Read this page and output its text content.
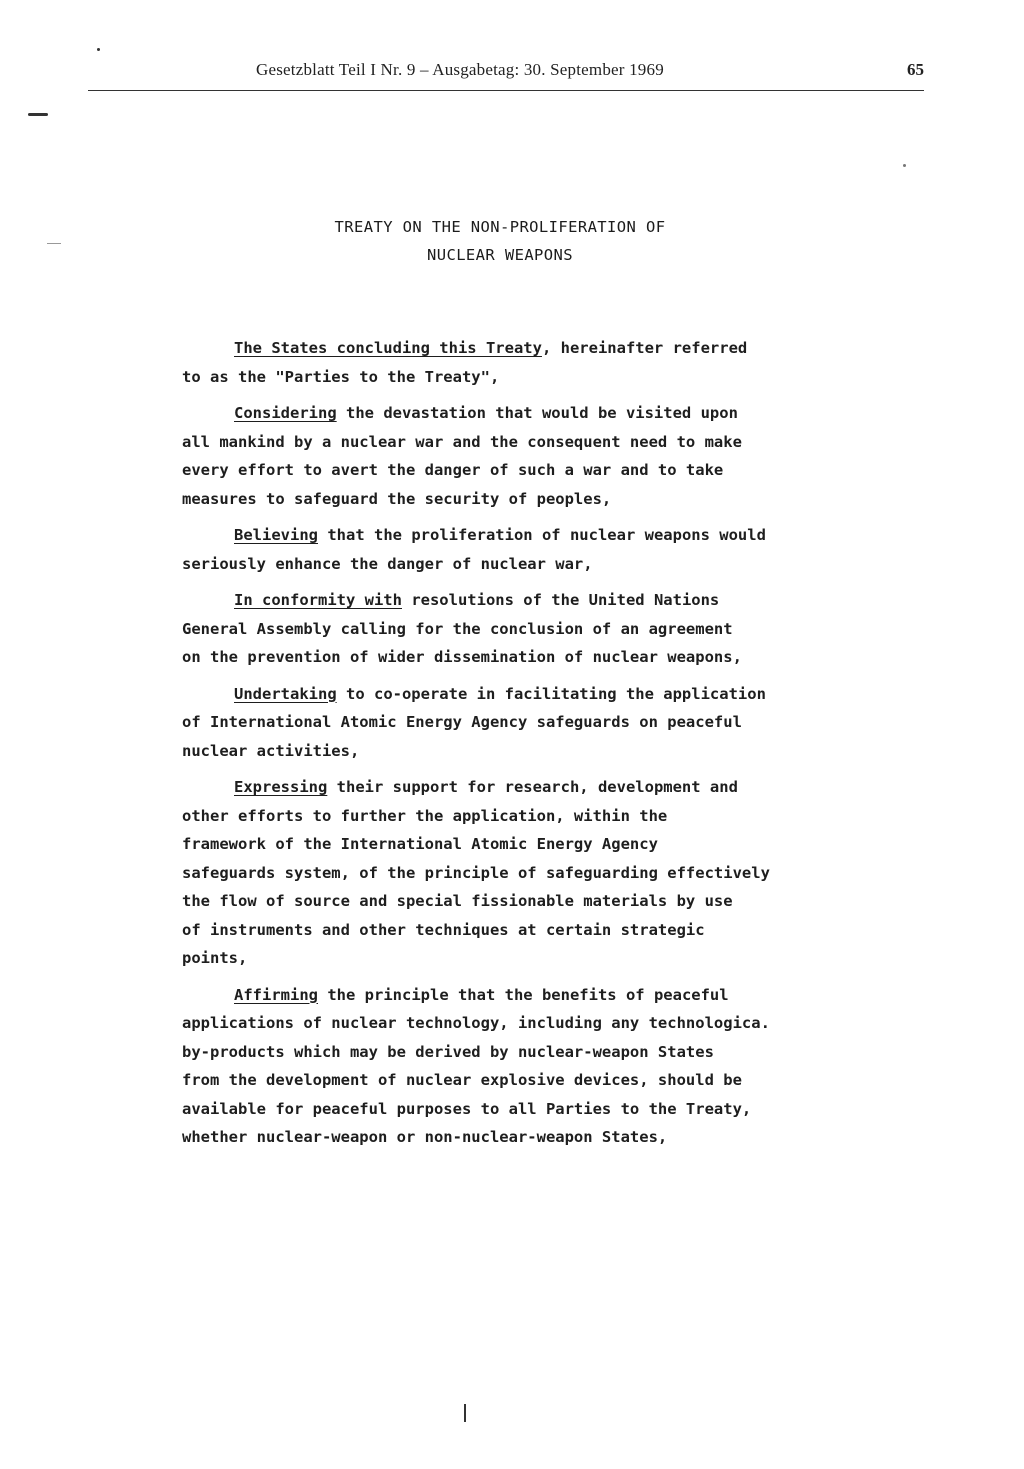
Gesetzblatt Teil I Nr. 9 – Ausgabetag: 30. September 1969	65
TREATY ON THE NON-PROLIFERATION OF
NUCLEAR WEAPONS
The States concluding this Treaty, hereinafter referred
to as the "Parties to the Treaty",
Considering the devastation that would be visited upon
all mankind by a nuclear war and the consequent need to make
every effort to avert the danger of such a war and to take
measures to safeguard the security of peoples,
Believing that the proliferation of nuclear weapons would
seriously enhance the danger of nuclear war,
In conformity with resolutions of the United Nations
General Assembly calling for the conclusion of an agreement
on the prevention of wider dissemination of nuclear weapons,
Undertaking to co-operate in facilitating the application
of International Atomic Energy Agency safeguards on peaceful
nuclear activities,
Expressing their support for research, development and
other efforts to further the application, within the
framework of the International Atomic Energy Agency
safeguards system, of the principle of safeguarding effectively
the flow of source and special fissionable materials by use
of instruments and other techniques at certain strategic
points,
Affirming the principle that the benefits of peaceful
applications of nuclear technology, including any technologica.
by-products which may be derived by nuclear-weapon States
from the development of nuclear explosive devices, should be
available for peaceful purposes to all Parties to the Treaty,
whether nuclear-weapon or non-nuclear-weapon States,
